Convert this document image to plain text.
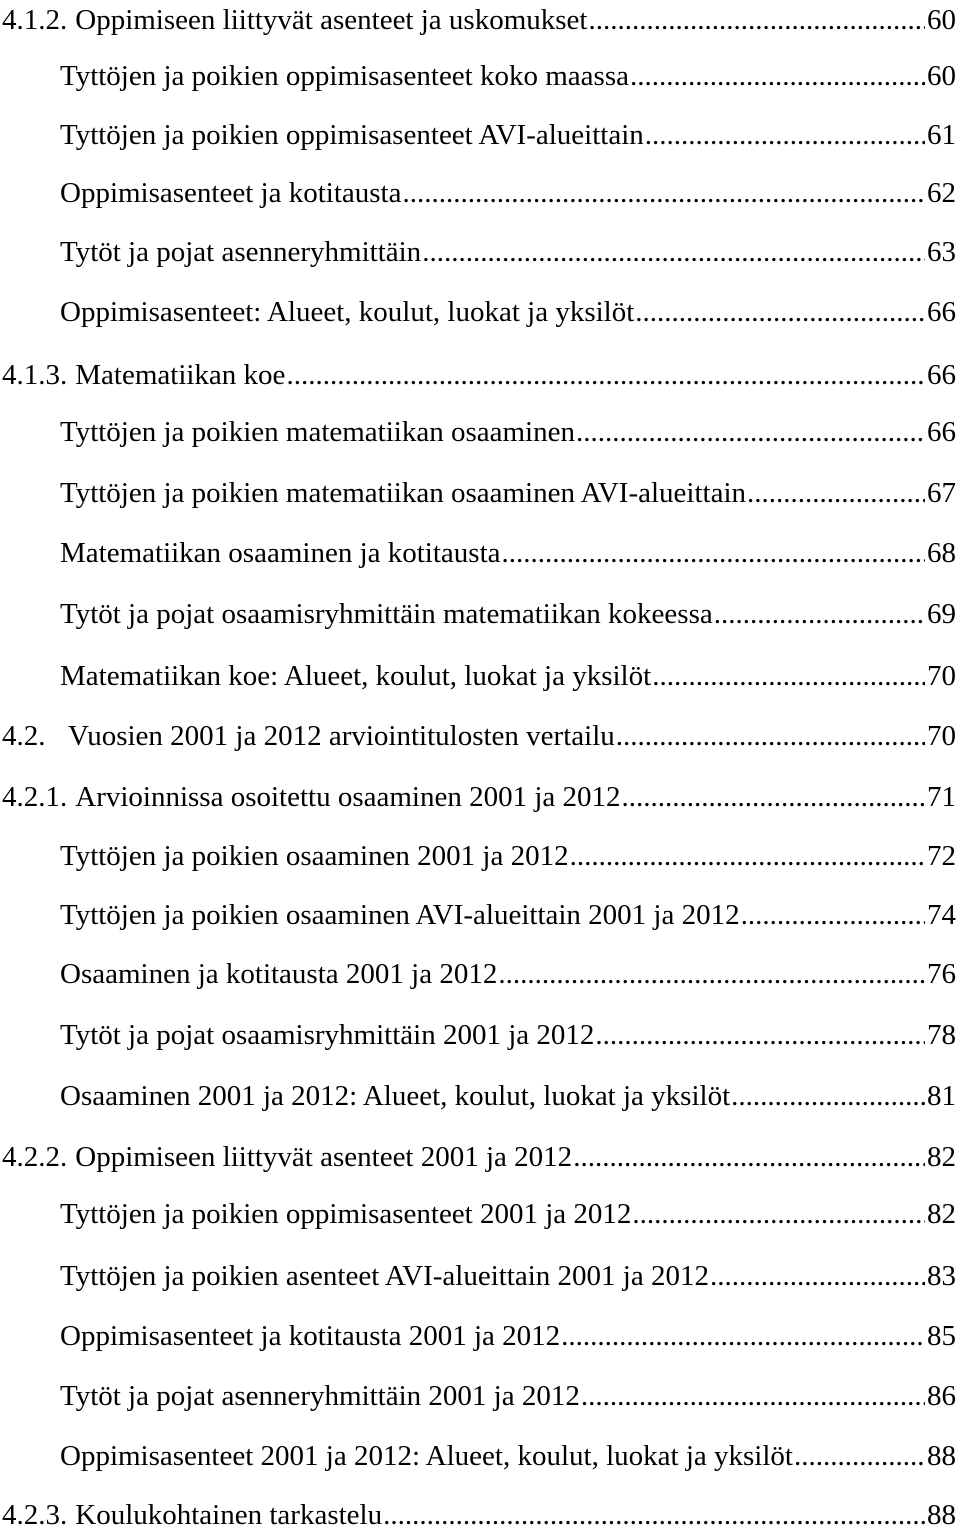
4.1.2. Oppimiseen liittyvät asenteet ja uskomukset .....	60
Tyttöjen ja poikien oppimisasenteet koko maassa .....	60
Tyttöjen ja poikien oppimisasenteet AVI-alueittain .....	61
Oppimisasenteet ja kotitausta .....	62
Tytöt ja pojat asenneryhmittäin .....	63
Oppimisasenteet: Alueet, koulut, luokat ja yksilöt .....	66
4.1.3. Matematiikan koe .....	66
Tyttöjen ja poikien matematiikan osaaminen .....	66
Tyttöjen ja poikien matematiikan osaaminen AVI-alueittain .....	67
Matematiikan osaaminen ja kotitausta .....	68
Tytöt ja pojat osaamisryhmittäin matematiikan kokeessa .....	69
Matematiikan koe: Alueet, koulut, luokat ja yksilöt .....	70
4.2. Vuosien 2001 ja 2012 arviointitulosten vertailu .....	70
4.2.1. Arvioinnissa osoitettu osaaminen 2001 ja 2012 .....	71
Tyttöjen ja poikien osaaminen 2001 ja 2012 .....	72
Tyttöjen ja poikien osaaminen AVI-alueittain 2001 ja 2012 .....	74
Osaaminen ja kotitausta 2001 ja 2012 .....	76
Tytöt ja pojat osaamisryhmittäin 2001 ja 2012 .....	78
Osaaminen 2001 ja 2012: Alueet, koulut, luokat ja yksilöt .....	81
4.2.2. Oppimiseen liittyvät asenteet 2001 ja 2012 .....	82
Tyttöjen ja poikien oppimisasenteet 2001 ja 2012 .....	82
Tyttöjen ja poikien asenteet AVI-alueittain 2001 ja 2012 .....	83
Oppimisasenteet ja kotitausta 2001 ja 2012 .....	85
Tytöt ja pojat asenneryhmittäin 2001 ja 2012 .....	86
Oppimisasenteet 2001 ja 2012: Alueet, koulut, luokat ja yksilöt .....	88
4.2.3. Koulukohtainen tarkastelu .....	88
